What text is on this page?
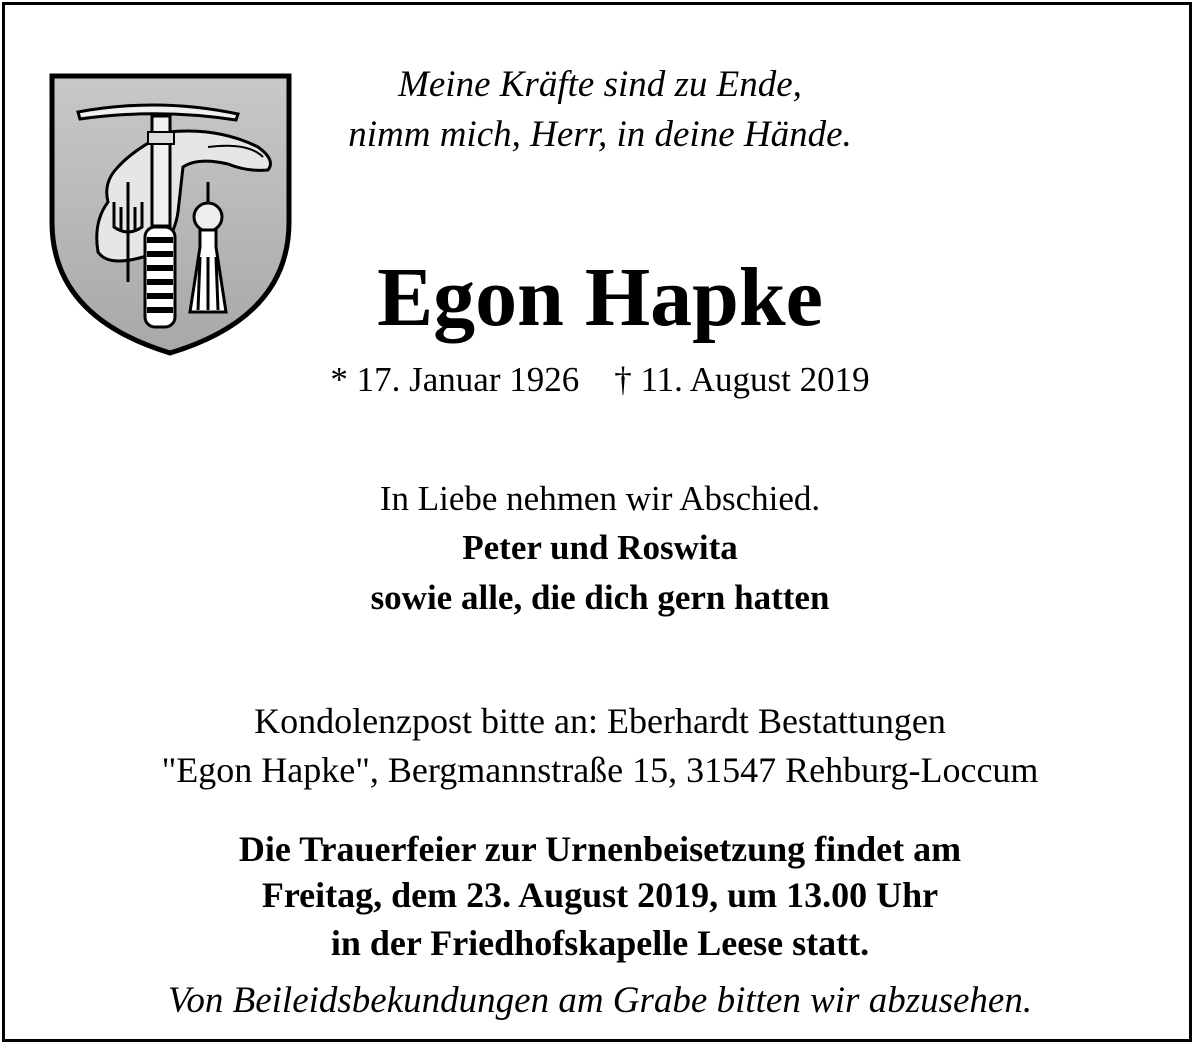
Meine Kräfte sind zu Ende,
nimm mich, Herr, in deine Hände.
Egon Hapke
* 17. Januar 1926    † 11. August 2019
In Liebe nehmen wir Abschied.
Peter und Roswita
sowie alle, die dich gern hatten
Kondolenzpost bitte an: Eberhardt Bestattungen
"Egon Hapke", Bergmannstraße 15, 31547 Rehburg-Loccum
Die Trauerfeier zur Urnenbeisetzung findet am
Freitag, dem 23. August 2019, um 13.00 Uhr
in der Friedhofskapelle Leese statt.
Von Beileidsbekundungen am Grabe bitten wir abzusehen.
